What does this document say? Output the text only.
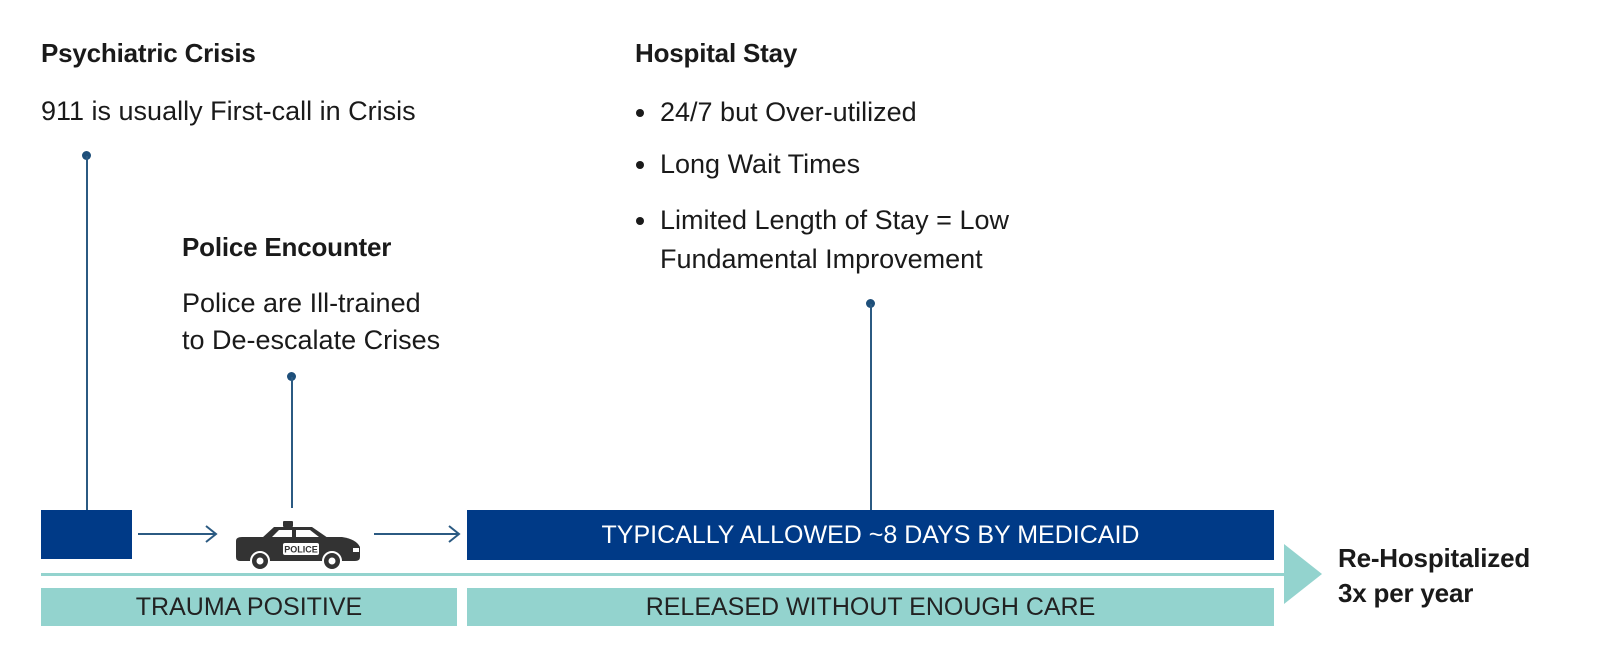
Psychiatric Crisis
911 is usually First-call in Crisis
Police Encounter
Police are Ill-trained
to De-escalate Crises
Hospital Stay
24/7 but Over-utilized
Long Wait Times
Limited Length of Stay = Low
Fundamental Improvement
POLICE
TYPICALLY ALLOWED ~8 DAYS BY MEDICAID
TRAUMA POSITIVE	RELEASED WITHOUT ENOUGH CARE
Re-Hospitalized
3x per year
